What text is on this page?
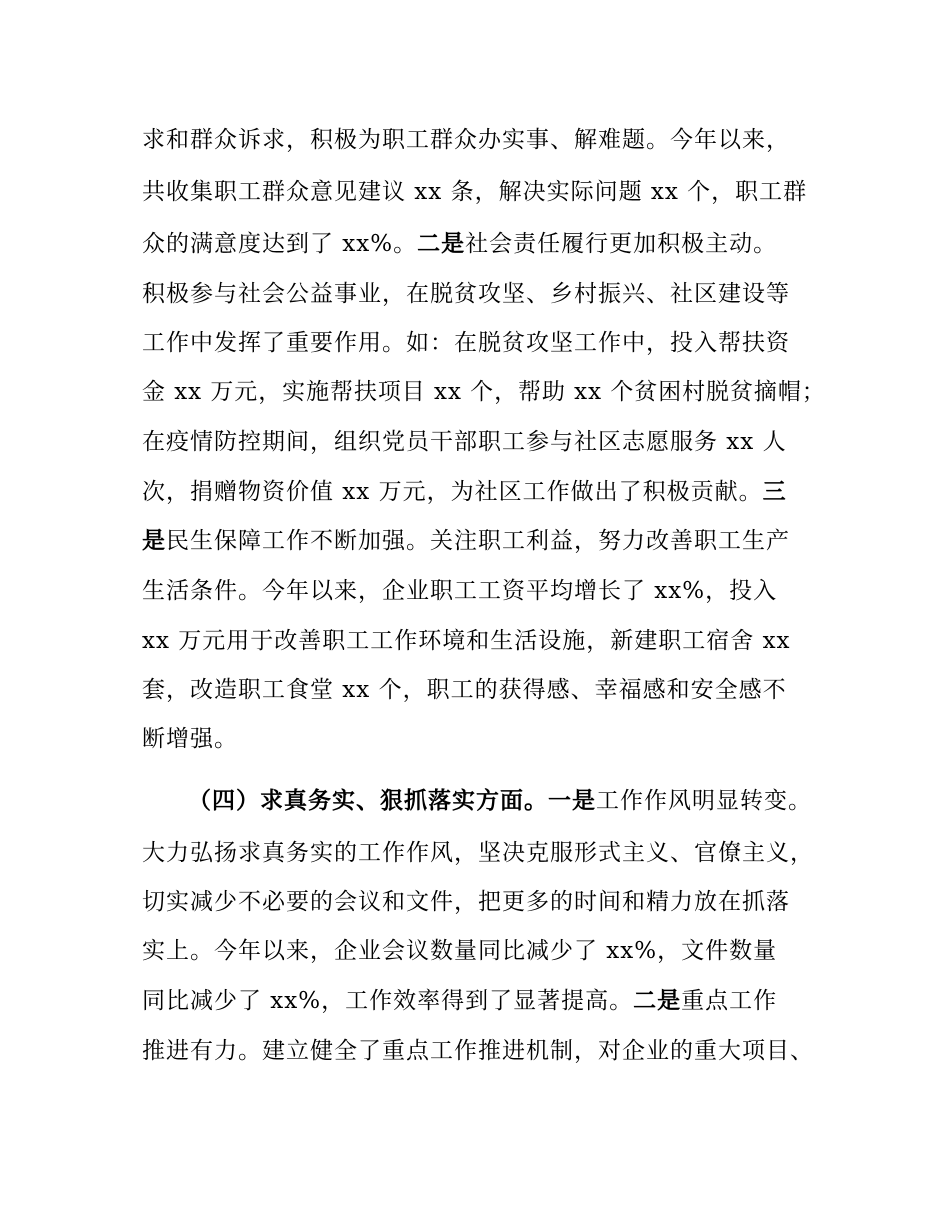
求和群众诉求，积极为职工群众办实事、解难题。今年以来，
共收集职工群众意见建议 xx 条，解决实际问题 xx 个，职工群
众的满意度达到了 xx%。二是社会责任履行更加积极主动。
积极参与社会公益事业，在脱贫攻坚、乡村振兴、社区建设等
工作中发挥了重要作用。如：在脱贫攻坚工作中，投入帮扶资
金 xx 万元，实施帮扶项目 xx 个，帮助 xx 个贫困村脱贫摘帽；
在疫情防控期间，组织党员干部职工参与社区志愿服务 xx 人
次，捐赠物资价值 xx 万元，为社区工作做出了积极贡献。三
是民生保障工作不断加强。关注职工利益，努力改善职工生产
生活条件。今年以来，企业职工工资平均增长了 xx%，投入
xx 万元用于改善职工工作环境和生活设施，新建职工宿舍 xx
套，改造职工食堂 xx 个，职工的获得感、幸福感和安全感不
断增强。
（四）求真务实、狠抓落实方面。一是工作作风明显转变。
大力弘扬求真务实的工作作风，坚决克服形式主义、官僚主义，
切实减少不必要的会议和文件，把更多的时间和精力放在抓落
实上。今年以来，企业会议数量同比减少了 xx%，文件数量
同比减少了 xx%，工作效率得到了显著提高。二是重点工作
推进有力。建立健全了重点工作推进机制，对企业的重大项目、
